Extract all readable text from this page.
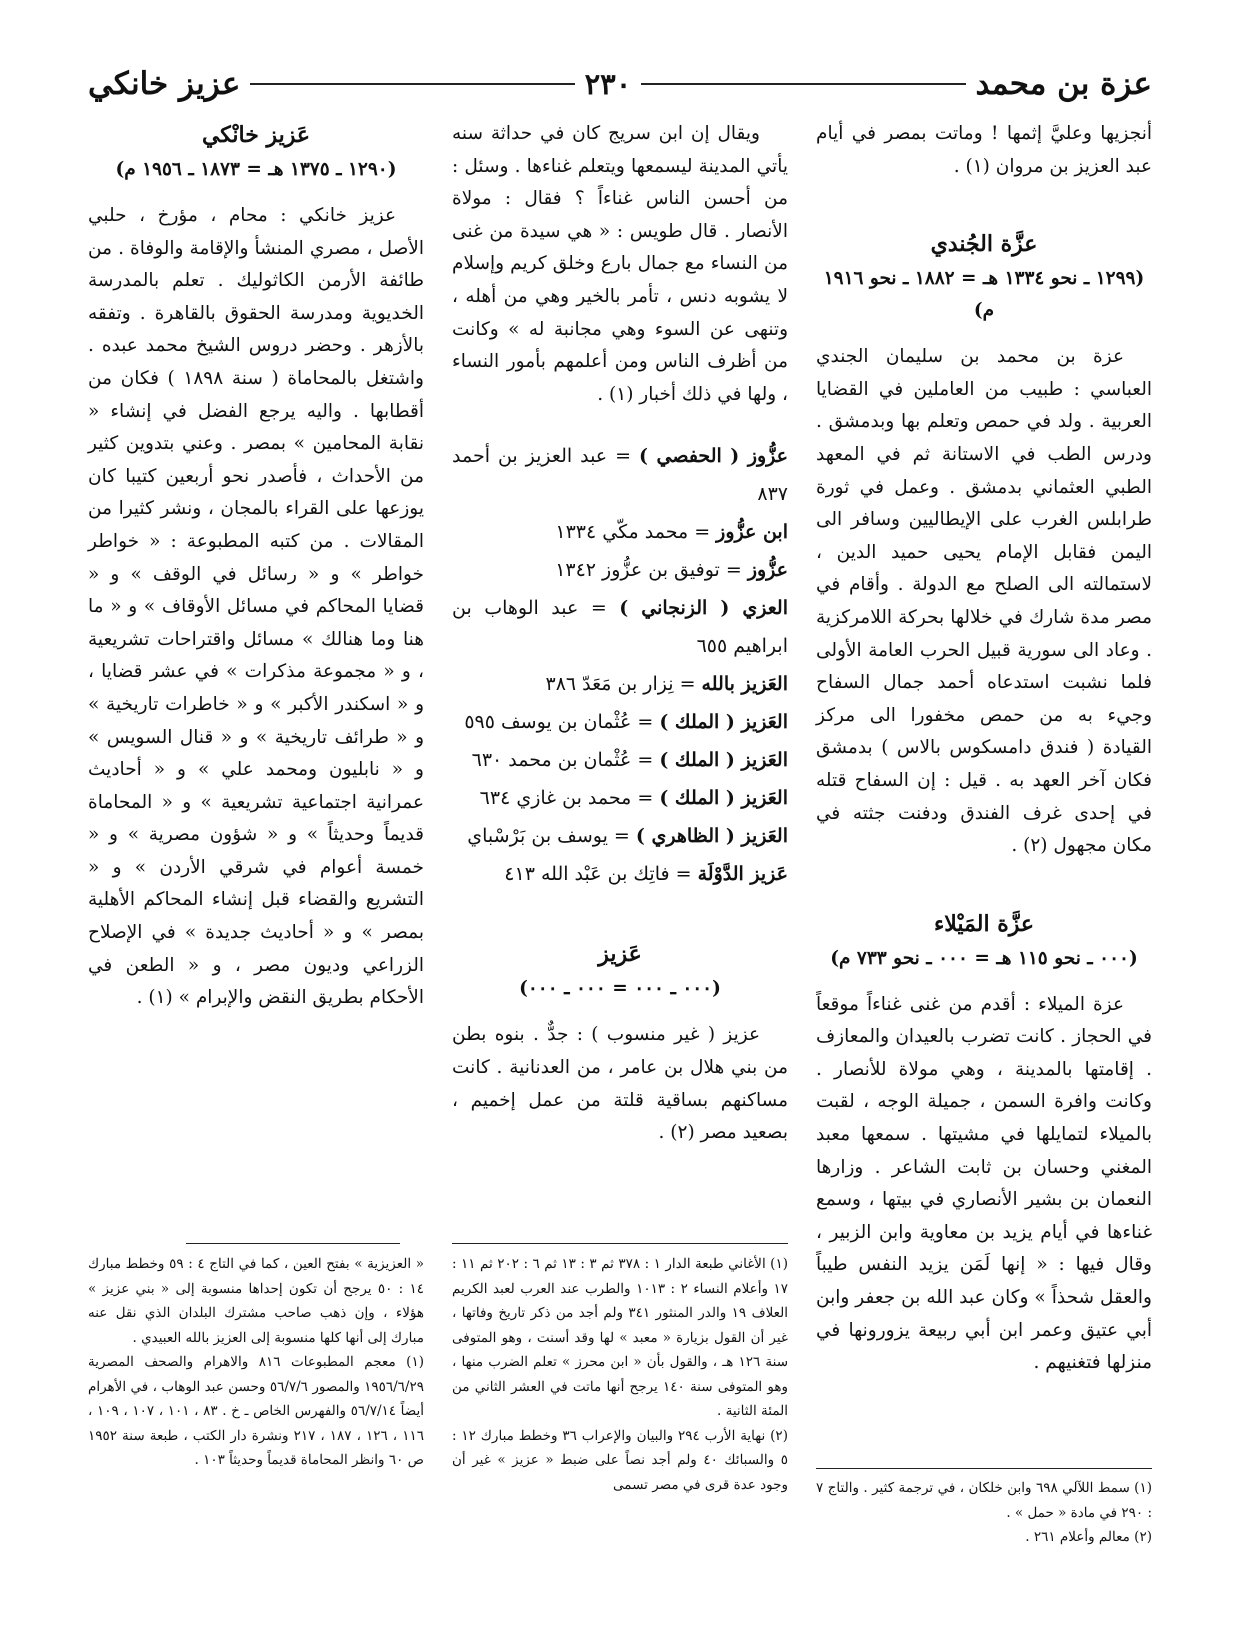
عزة بن محمد
٢٣٠
عزيز خانكي

أنجزيها وعليَّ إثمها ! وماتت بمصر في أيام عبد العزيز بن مروان (١) .

عزَّة الجُندي
(١٢٩٩ ـ نحو ١٣٣٤ هـ = ١٨٨٢ ـ نحو ١٩١٦ م)

عزة بن محمد بن سليمان الجندي العباسي : طبيب من العاملين في القضايا العربية . ولد في حمص وتعلم بها وبدمشق . ودرس الطب في الاستانة ثم في المعهد الطبي العثماني بدمشق . وعمل في ثورة طرابلس الغرب على الإيطاليين وسافر الى اليمن فقابل الإمام يحيى حميد الدين ، لاستمالته الى الصلح مع الدولة . وأقام في مصر مدة شارك في خلالها بحركة اللامركزية . وعاد الى سورية قبيل الحرب العامة الأولى فلما نشبت استدعاه أحمد جمال السفاح وجيء به من حمص مخفورا الى مركز القيادة ( فندق دامسكوس بالاس ) بدمشق فكان آخر العهد به . قيل : إن السفاح قتله في إحدى غرف الفندق ودفنت جثته في مكان مجهول (٢) .

عزَّة المَيْلاء
(٠٠٠ ـ نحو ١١٥ هـ = ٠٠٠ ـ نحو ٧٣٣ م)

عزة الميلاء : أقدم من غنى غناءاً موقعاً في الحجاز . كانت تضرب بالعيدان والمعازف . إقامتها بالمدينة ، وهي مولاة للأنصار . وكانت وافرة السمن ، جميلة الوجه ، لقبت بالميلاء لتمايلها في مشيتها . سمعها معبد المغني وحسان بن ثابت الشاعر . وزارها النعمان بن بشير الأنصاري في بيتها ، وسمع غناءها في أيام يزيد بن معاوية وابن الزبير ، وقال فيها : « إنها لَمَن يزيد النفس طيباً والعقل شحذاً » وكان عبد الله بن جعفر وابن أبي عتيق وعمر ابن أبي ربيعة يزورونها في منزلها فتغنيهم .

ويقال إن ابن سريج كان في حداثة سنه يأتي المدينة ليسمعها ويتعلم غناءها . وسئل : من أحسن الناس غناءاً ؟ فقال : مولاة الأنصار . قال طويس : « هي سيدة من غنى من النساء مع جمال بارع وخلق كريم وإسلام لا يشوبه دنس ، تأمر بالخير وهي من أهله ، وتنهى عن السوء وهي مجانبة له » وكانت من أظرف الناس ومن أعلمهم بأمور النساء ، ولها في ذلك أخبار (١) .

عزُّوز ( الحفصي ) = عبد العزيز بن أحمد ٨٣٧

ابن عزُّوز = محمد مكّي ١٣٣٤

عزُّوز = توفيق بن عزُّوز ١٣٤٢

العزي ( الزنجاني ) = عبد الوهاب بن ابراهيم ٦٥٥

العَزيز بالله = نِزار بن مَعَدّ ٣٨٦

العَزيز ( الملك ) = عُثْمان بن يوسف ٥٩٥

العَزيز ( الملك ) = عُثْمان بن محمد ٦٣٠

العَزيز ( الملك ) = محمد بن غازي ٦٣٤

العَزيز ( الظاهري ) = يوسف بن بَرْسْباي

عَزيز الدَّوْلَة = فاتِك بن عَبْد الله ٤١٣

عَزيز
(٠٠٠ ـ ٠٠٠ = ٠٠٠ ـ ٠٠٠)

عزيز ( غير منسوب ) : جدٌّ . بنوه بطن من بني هلال بن عامر ، من العدنانية . كانت مساكنهم بساقية قلتة من عمل إخميم ، بصعيد مصر (٢) .

عَزيز خانْكي
(١٢٩٠ ـ ١٣٧٥ هـ = ١٨٧٣ ـ ١٩٥٦ م)

عزيز خانكي : محام ، مؤرخ ، حلبي الأصل ، مصري المنشأ والإقامة والوفاة . من طائفة الأرمن الكاثوليك . تعلم بالمدرسة الخديوية ومدرسة الحقوق بالقاهرة . وتفقه بالأزهر . وحضر دروس الشيخ محمد عبده . واشتغل بالمحاماة ( سنة ١٨٩٨ ) فكان من أقطابها . واليه يرجع الفضل في إنشاء « نقابة المحامين » بمصر . وعني بتدوين كثير من الأحداث ، فأصدر نحو أربعين كتيبا كان يوزعها على القراء بالمجان ، ونشر كثيرا من المقالات . من كتبه المطبوعة : « خواطر خواطر » و « رسائل في الوقف » و « قضايا المحاكم في مسائل الأوقاف » و « ما هنا وما هنالك » مسائل واقتراحات تشريعية ، و « مجموعة مذكرات » في عشر قضايا ، و « اسكندر الأكبر » و « خاطرات تاريخية » و « طرائف تاريخية » و « قنال السويس » و « نابليون ومحمد علي » و « أحاديث عمرانية اجتماعية تشريعية » و « المحاماة قديماً وحديثاً » و « شؤون مصرية » و « خمسة أعوام في شرقي الأردن » و « التشريع والقضاء قبل إنشاء المحاكم الأهلية بمصر » و « أحاديث جديدة » في الإصلاح الزراعي وديون مصر ، و « الطعن في الأحكام بطريق النقض والإبرام » (١) .

« العزيزية » بفتح العين ، كما في التاج ٤ : ٥٩ وخطط مبارك ١٤ : ٥٠ يرجح أن تكون إحداها منسوبة إلى « بني عزيز » هؤلاء ، وإن ذهب صاحب مشترك البلدان الذي نقل عنه مبارك إلى أنها كلها منسوبة إلى العزيز بالله العبيدي .

(١) معجم المطبوعات ٨١٦ والاهرام والصحف المصرية ١٩٥٦/٦/٢٩ والمصور ٥٦/٧/٦ وحسن عبد الوهاب ، في الأهرام أيضاً ٥٦/٧/١٤ والفهرس الخاص ـ خ . ٨٣ ، ١٠١ ، ١٠٧ ، ١٠٩ ، ١١٦ ، ١٢٦ ، ١٨٧ ، ٢١٧ ونشرة دار الكتب ، طبعة سنة ١٩٥٢ ص ٦٠ وانظر المحاماة قديماً وحديثاً ١٠٣ .

(١) الأغاني طبعة الدار ١ : ٣٧٨ ثم ٣ : ١٣ ثم ٦ : ٢٠٢ ثم ١١ : ١٧ وأعلام النساء ٢ : ١٠١٣ والطرب عند العرب لعبد الكريم العلاف ١٩ والدر المنثور ٣٤١ ولم أجد من ذكر تاريخ وفاتها ، غير أن القول بزيارة « معبد » لها وقد أسنت ، وهو المتوفى سنة ١٢٦ هـ ، والقول بأن « ابن محرز » تعلم الضرب منها ، وهو المتوفى سنة ١٤٠ يرجح أنها ماتت في العشر الثاني من المئة الثانية .

(٢) نهاية الأرب ٢٩٤ والبيان والإعراب ٣٦ وخطط مبارك ١٢ : ٥ والسبائك ٤٠ ولم أجد نصاً على ضبط « عزيز » غير أن وجود عدة قرى في مصر تسمى (١) سمط اللآلي ٦٩٨ وابن خلكان ، في ترجمة كثير . والتاج ٧ : ٢٩٠ في مادة « حمل » .

(٢) معالم وأعلام ٢٦١ .
